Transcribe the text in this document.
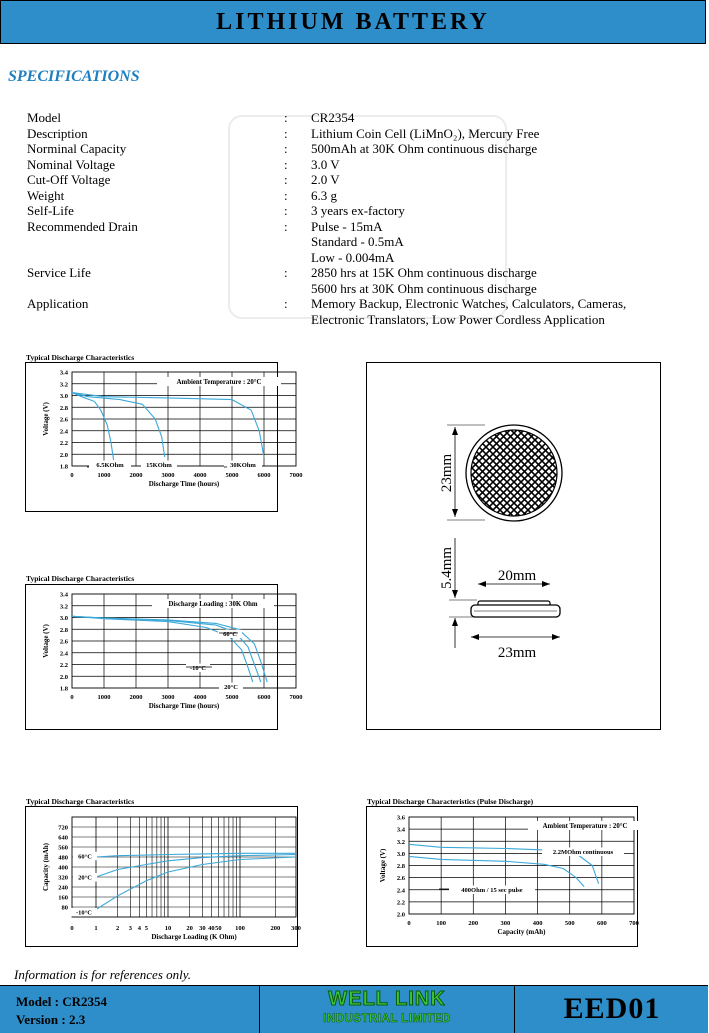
LITHIUM BATTERY
SPECIFICATIONS
Model	: CR2354
Description	: Lithium Coin Cell (LiMnO₂), Mercury Free
Norminal Capacity	: 500mAh at 30K Ohm continuous discharge
Nominal Voltage	: 3.0 V
Cut-Off Voltage	: 2.0 V
Weight	: 6.3 g
Self-Life	: 3 years ex-factory
Recommended Drain	: Pulse - 15mA
Standard - 0.5mA
Low - 0.004mA
Service Life	: 2850 hrs at 15K Ohm continuous discharge
5600 hrs at 30K Ohm continuous discharge
Application	: Memory Backup, Electronic Watches, Calculators, Cameras,
Electronic Translators, Low Power Cordless Application
Typical Discharge Characteristics
0	1000	2000	3000	4000	5000	6000	7000
3.4
3.2
3.0
2.8
2.6
2.4
2.2
2.0
1.8
Discharge Time (hours)
Voltage (V)
Ambient Temperature : 20°C
6.5KOhm	15KOhm	30KOhm
Typical Discharge Characteristics
0	1000	2000	3000	4000	5000	6000	7000
3.4
3.2
3.0
2.8
2.6
2.4
2.2
2.0
1.8
Discharge Time (hours)
Voltage (V)
Discharge Loading : 30K Ohm
60°C
20°C
-10°C
Typical Discharge Characteristics
0	1	2 3 4 5	10 20 30 40 50 100	200 300
720
640
560
480
400
320
240
160
80
Discharge Loading (K Ohm)
Capacity (mAh)	60°C
20°C
-10°C
Typical Discharge Characteristics (Pulse Discharge)
0	100	200	300	400	500	600	700
3.6
3.4
3.2
3.0
2.8
2.6
2.4
2.2
2.0
Capacity (mAh)
Voltage (V)
Ambient Temperature : 20°C
2.2MOhm continuous
400Ohm / 15 sec pulse
23mm
5.4mm	20mm
23mm
Information is for references only.
Model : CR2354
Version : 2.3
WELL LINK
INDUSTRIAL LIMITED	EED01
